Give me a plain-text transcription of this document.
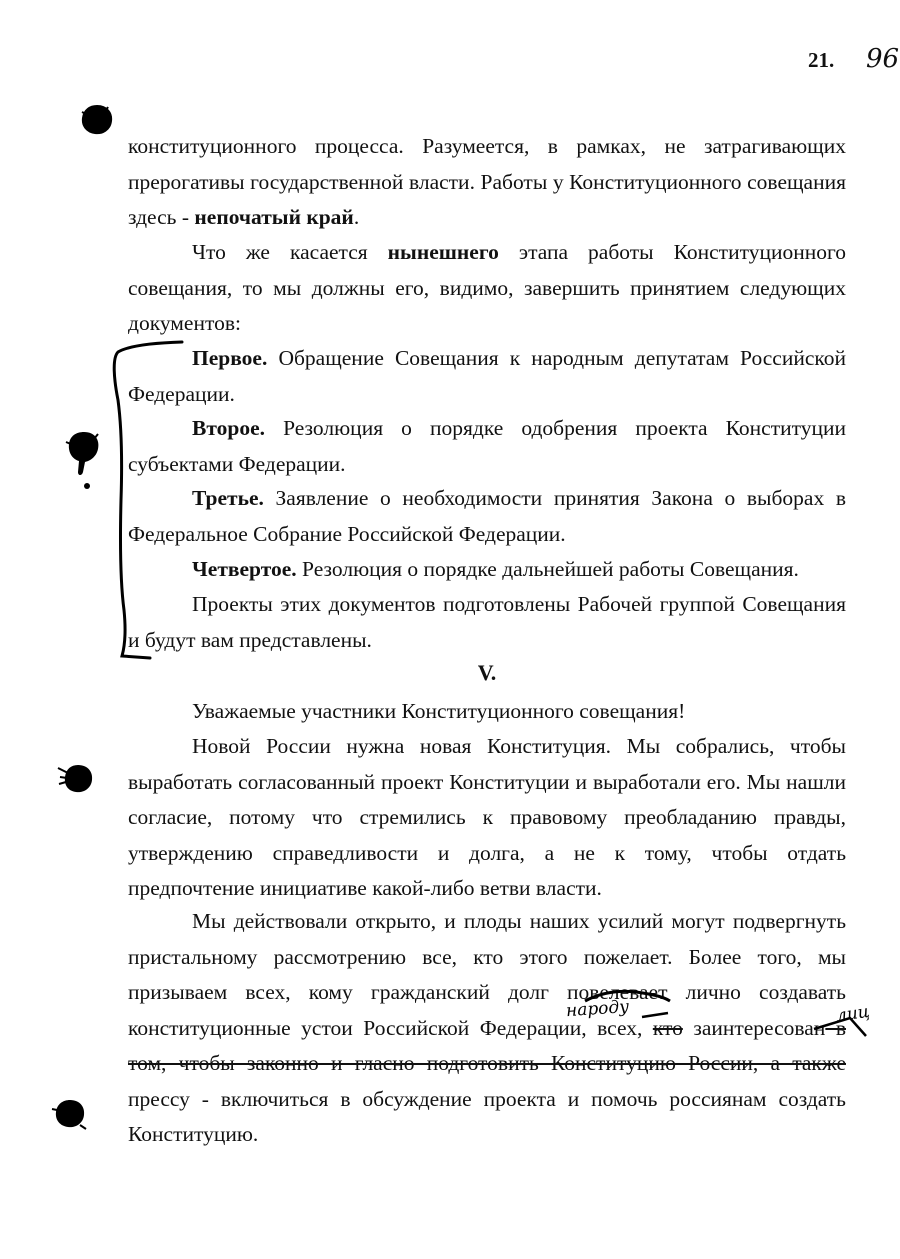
21. 96

конституционного процесса. Разумеется, в рамках, не затрагивающих прерогативы государственной власти. Работы у Конституционного совещания здесь - непочатый край.

Что же касается нынешнего этапа работы Конституционного совещания, то мы должны его, видимо, завершить принятием следующих документов:

Первое. Обращение Совещания к народным депутатам Российской Федерации.

Второе. Резолюция о порядке одобрения проекта Конституции субъектами Федерации.

Третье. Заявление о необходимости принятия Закона о выборах в Федеральное Собрание Российской Федерации.

Четвертое. Резолюция о порядке дальнейшей работы Совещания.

Проекты этих документов подготовлены Рабочей группой Совещания и будут вам представлены.

V.

Уважаемые участники Конституционного совещания!

Новой России нужна новая Конституция. Мы собрались, чтобы выработать согласованный проект Конституции и выработали его. Мы нашли согласие, потому что стремились к правовому преобладанию правды, утверждению справедливости и долга, а не к тому, чтобы отдать предпочтение инициативе какой-либо ветви власти.

Мы действовали открыто, и плоды наших усилий могут подвергнуть пристальному рассмотрению все, кто этого пожелает. Более того, мы призываем всех, кому гражданский долг повелевает лично создавать конституционные устои Российской Федерации, всех, кто заинтересован в том, чтобы законно и гласно подготовить Конституцию России, а также прессу - включиться в обсуждение проекта и помочь россиянам создать Конституцию.

народу	лиц
